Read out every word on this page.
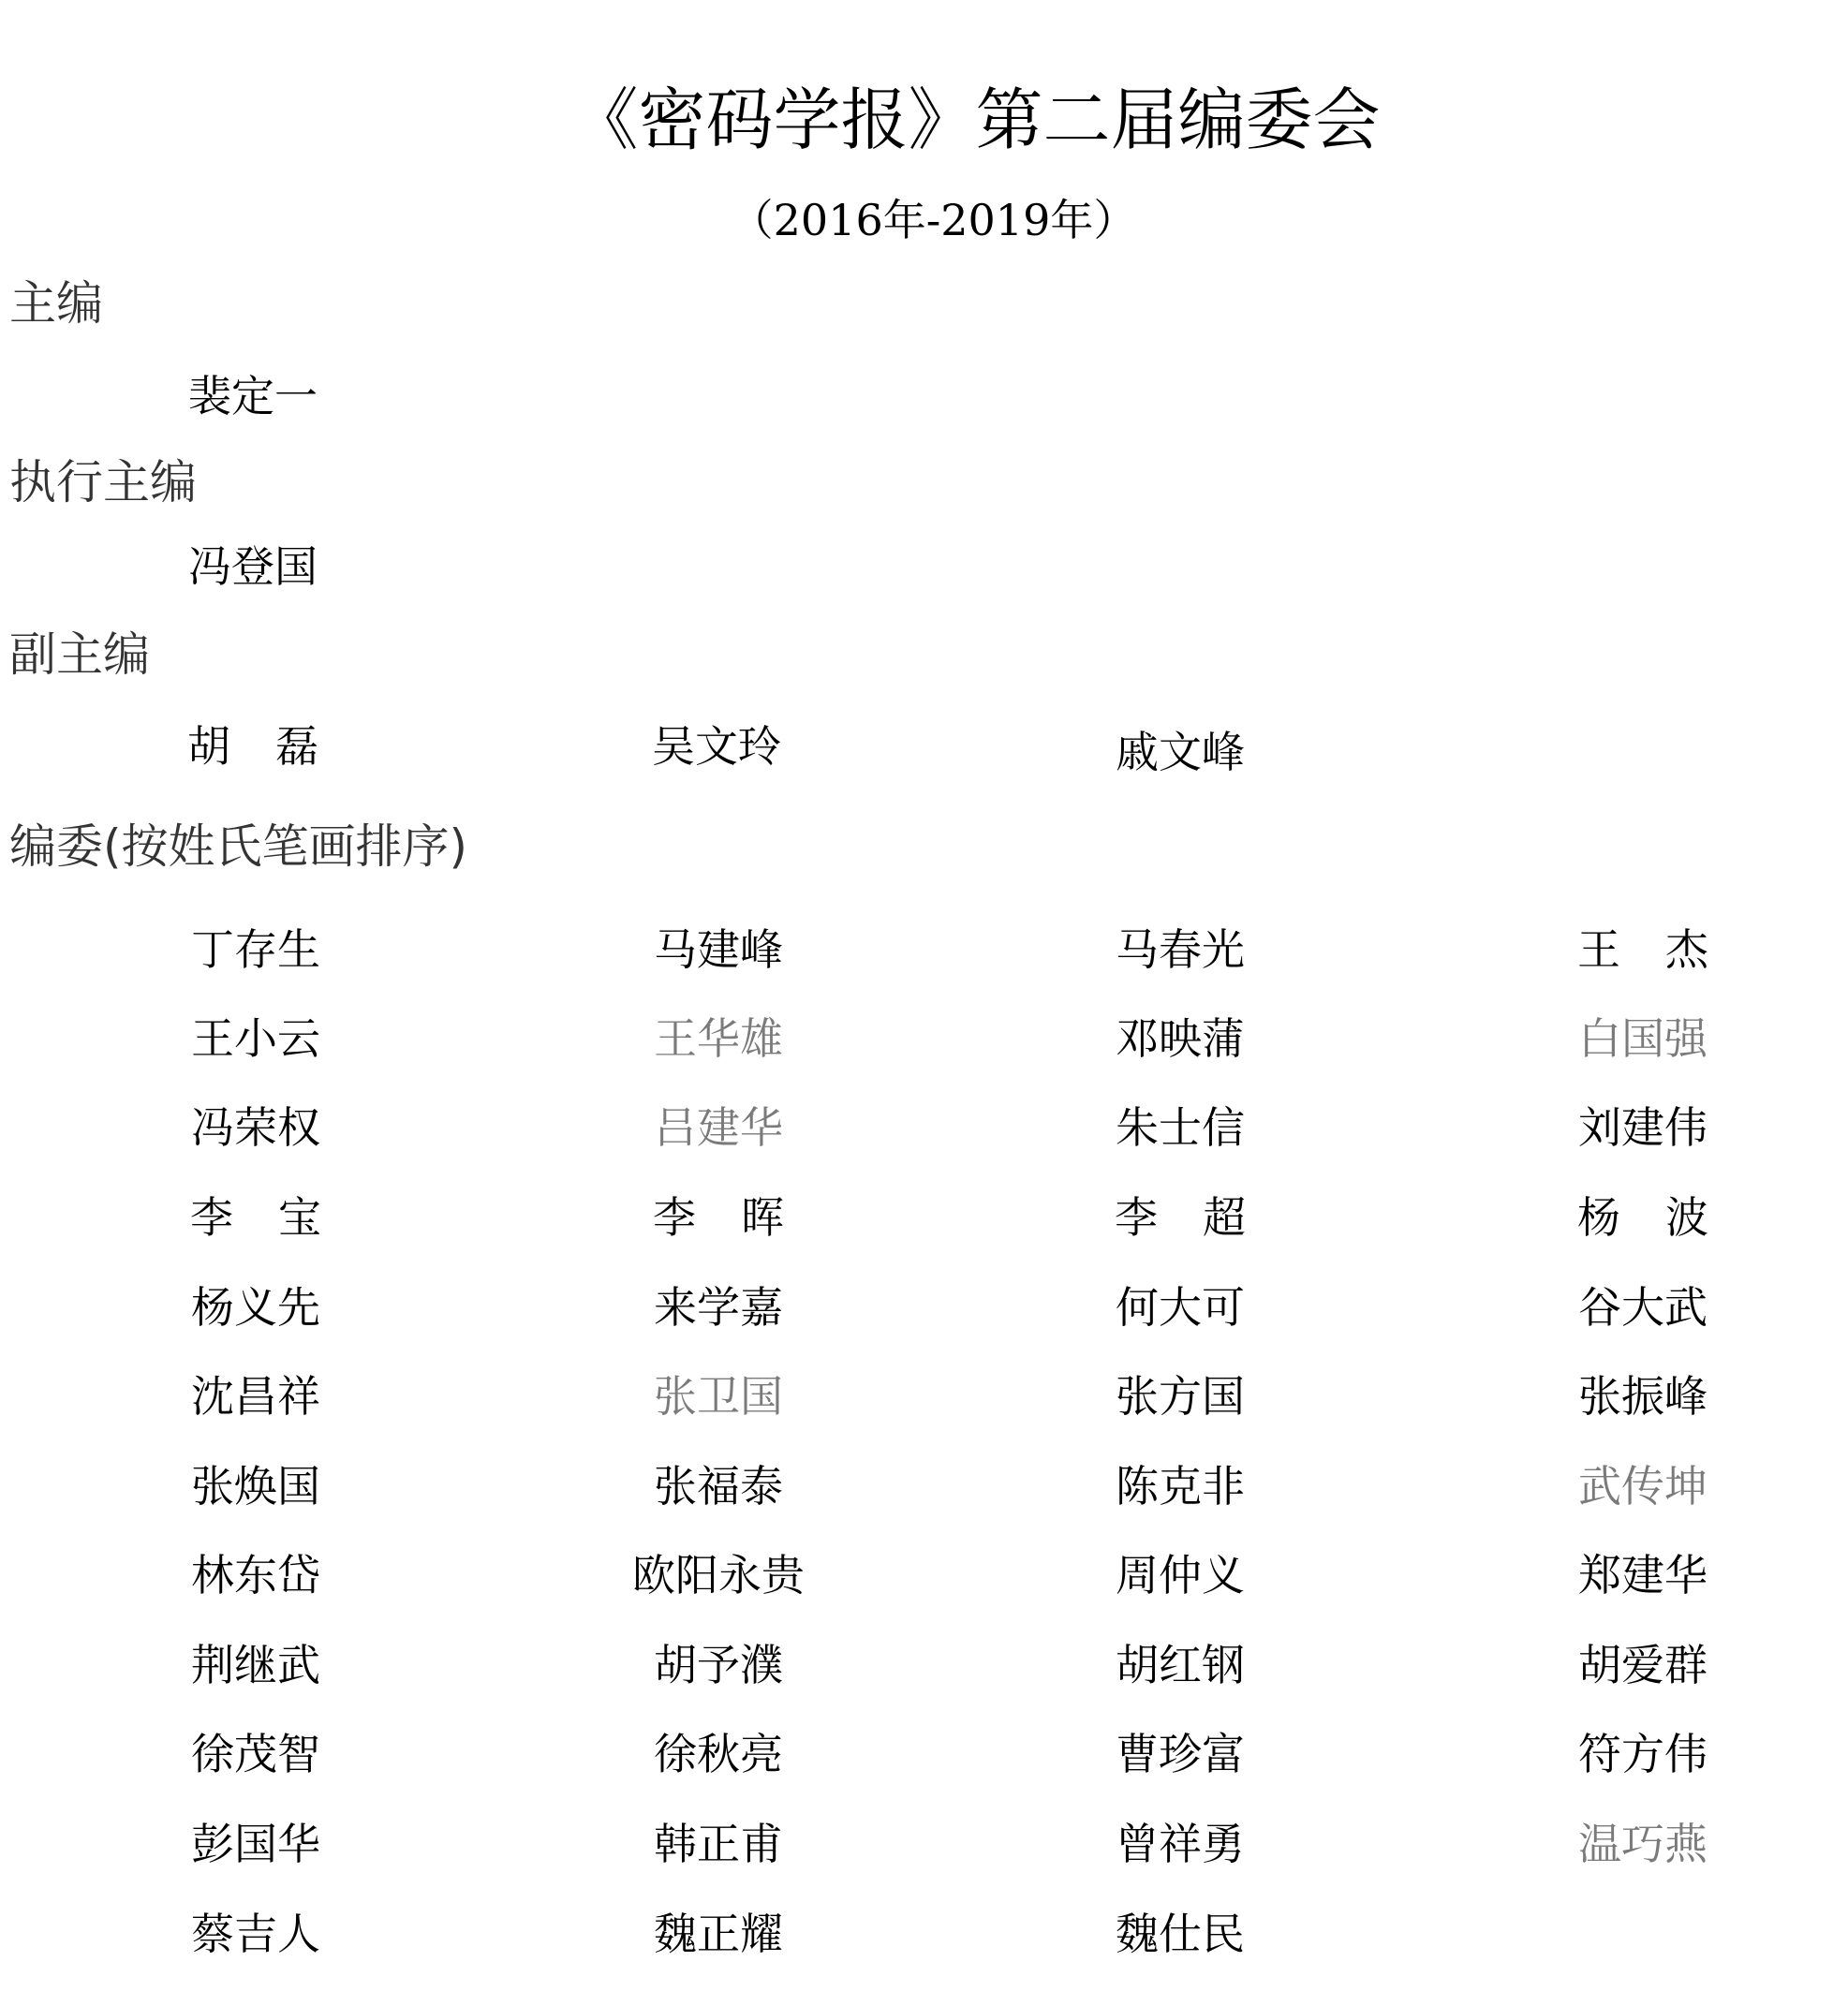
《密码学报》第二届编委会
（2016年-2019年）
主编
裴定一
执行主编
冯登国
副主编
胡　磊	吴文玲	戚文峰
编委(按姓氏笔画排序)
丁存生	马建峰	马春光	王　杰
王小云	王华雄	邓映蒲	白国强
冯荣权	吕建华	朱士信	刘建伟
李　宝	李　晖	李　超	杨　波
杨义先	来学嘉	何大可	谷大武
沈昌祥	张卫国	张方国	张振峰
张焕国	张福泰	陈克非	武传坤
林东岱	欧阳永贵	周仲义	郑建华
荆继武	胡予濮	胡红钢	胡爱群
徐茂智	徐秋亮	曹珍富	符方伟
彭国华	韩正甫	曾祥勇	温巧燕
蔡吉人	魏正耀	魏仕民
